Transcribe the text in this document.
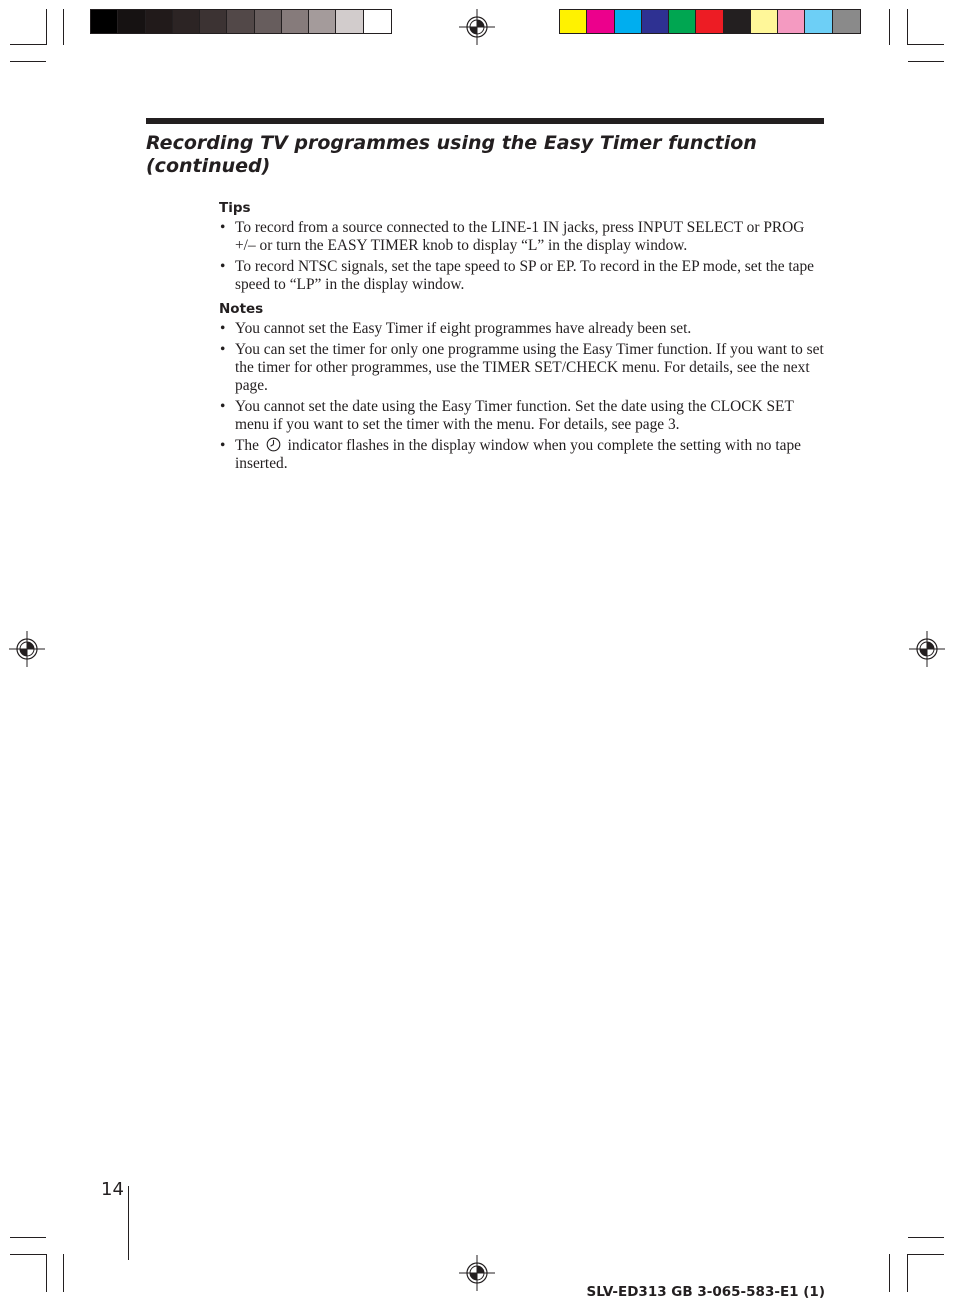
Recording TV programmes using the Easy Timer function (continued)
Tips
• To record from a source connected to the LINE-1 IN jacks, press INPUT SELECT or PROG +/– or turn the EASY TIMER knob to display “L” in the display window.
• To record NTSC signals, set the tape speed to SP or EP. To record in the EP mode, set the tape speed to “LP” in the display window.
Notes
• You cannot set the Easy Timer if eight programmes have already been set.
• You can set the timer for only one programme using the Easy Timer function. If you want to set the timer for other programmes, use the TIMER SET/CHECK menu. For details, see the next page.
• You cannot set the date using the Easy Timer function. Set the date using the CLOCK SET menu if you want to set the timer with the menu. For details, see page 3.
• The  indicator flashes in the display window when you complete the setting with no tape inserted.
14
SLV-ED313 GB 3-065-583-E1 (1)
